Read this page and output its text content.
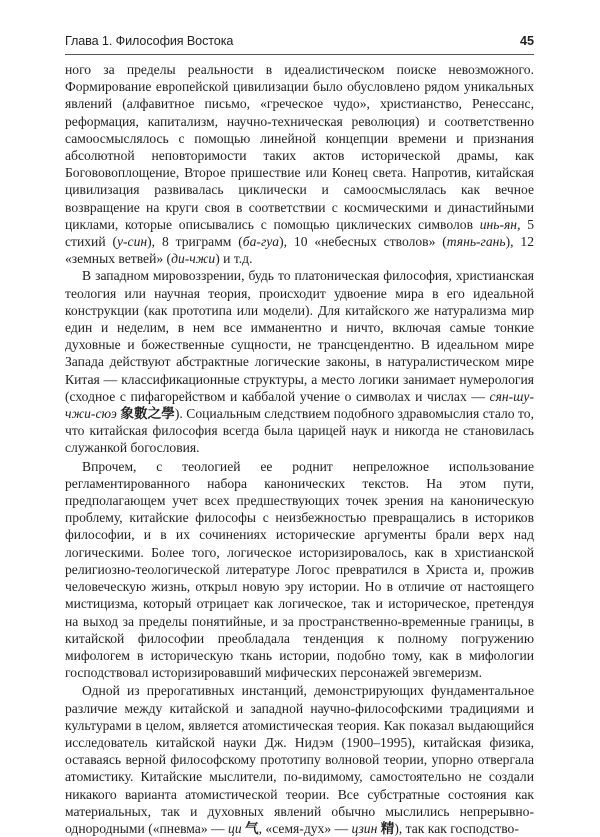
Глава 1. Философия Востока	45

ного за пределы реальности в идеалистическом поиске невозможного. Формирование европейской цивилизации было обусловлено рядом уникальных явлений (алфавитное письмо, «греческое чудо», христианство, Ренессанс, реформация, капитализм, научно-техническая революция) и соответственно самоосмыслялось с помощью линейной концепции времени и признания абсолютной неповторимости таких актов исторической драмы, как Богововоплощение, Второе пришествие или Конец света. Напротив, китайская цивилизация развивалась циклически и самоосмыслялась как вечное возвращение на круги своя в соответствии с космическими и династийными циклами, которые описывались с помощью циклических символов инь-ян, 5 стихий (у-син), 8 триграмм (ба-гуа), 10 «небесных стволов» (тянь-гань), 12 «земных ветвей» (ди-чжи) и т.д.

В западном мировоззрении, будь то платоническая философия, христианская теология или научная теория, происходит удвоение мира в его идеальной конструкции (как прототипа или модели). Для китайского же натурализма мир един и неделим, в нем все имманентно и ничто, включая самые тонкие духовные и божественные сущности, не трансцендентно. В идеальном мире Запада действуют абстрактные логические законы, в натуралистическом мире Китая — классификационные структуры, а место логики занимает нумерология (сходное с пифагорейством и каббалой учение о символах и числах — сян-шу-чжи-сюэ 象數之學). Социальным следствием подобного здравомыслия стало то, что китайская философия всегда была царицей наук и никогда не становилась служанкой богословия.

Впрочем, с теологией ее роднит непреложное использование регламентированного набора канонических текстов. На этом пути, предполагающем учет всех предшествующих точек зрения на каноническую проблему, китайские философы с неизбежностью превращались в историков философии, и в их сочинениях исторические аргументы брали верх над логическими. Более того, логическое историзировалось, как в христианской религиозно-теологической литературе Логос превратился в Христа и, прожив человеческую жизнь, открыл новую эру истории. Но в отличие от настоящего мистицизма, который отрицает как логическое, так и историческое, претендуя на выход за пределы понятийные, и за пространственно-временные границы, в китайской философии преобладала тенденция к полному погружению мифологем в историческую ткань истории, подобно тому, как в мифологии господствовал историзировавший мифических персонажей эвгемеризм.

Одной из прерогативных инстанций, демонстрирующих фундаментальное различие между китайской и западной научно-философскими традициями и культурами в целом, является атомистическая теория. Как показал выдающийся исследователь китайской науки Дж. Нидэм (1900–1995), китайская физика, оставаясь верной философскому прототипу волновой теории, упорно отвергала атомистику. Китайские мыслители, по-видимому, самостоятельно не создали никакого варианта атомистической теории. Все субстратные состояния как материальных, так и духовных явлений обычно мыслились непрерывно-однородными («пневма» — ци 气, «семя-дух» — цзин 精), так как господство-
